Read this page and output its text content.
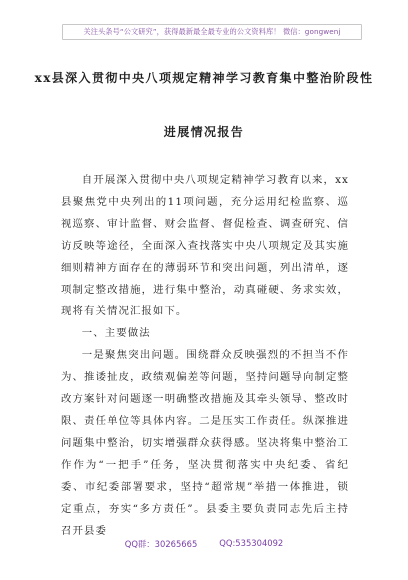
关注头条号“公文研究”，获得最新最全最专业的公文资料库！ 微信：gongwenj
xx县深入贯彻中央八项规定精神学习教育集中整治阶段性
进展情况报告

自开展深入贯彻中央八项规定精神学习教育以来，xx县聚焦党中央列出的11项问题，充分运用纪检监察、巡视巡察、审计监督、财会监督、督促检查、调查研究、信访反映等途径，全面深入查找落实中央八项规定及其实施细则精神方面存在的薄弱环节和突出问题，列出清单，逐项制定整改措施，进行集中整治，动真碰硬、务求实效，现将有关情况汇报如下。

一、主要做法

一是聚焦突出问题。围绕群众反映强烈的不担当不作为、推诿扯皮，政绩观偏差等问题，坚持问题导向制定整改方案针对问题逐一明确整改措施及其牵头领导、整改时限、责任单位等具体内容。二是压实工作责任。纵深推进问题集中整治，切实增强群众获得感。坚决将集中整治工作作为“一把手”任务，坚决贯彻落实中央纪委、省纪委、市纪委部署要求，坚持“超常规”举措一体推进，锁定重点，夯实“多方责任”。县委主要负责同志先后主持召开县委

QQ群：30265665	QQ:535304092
